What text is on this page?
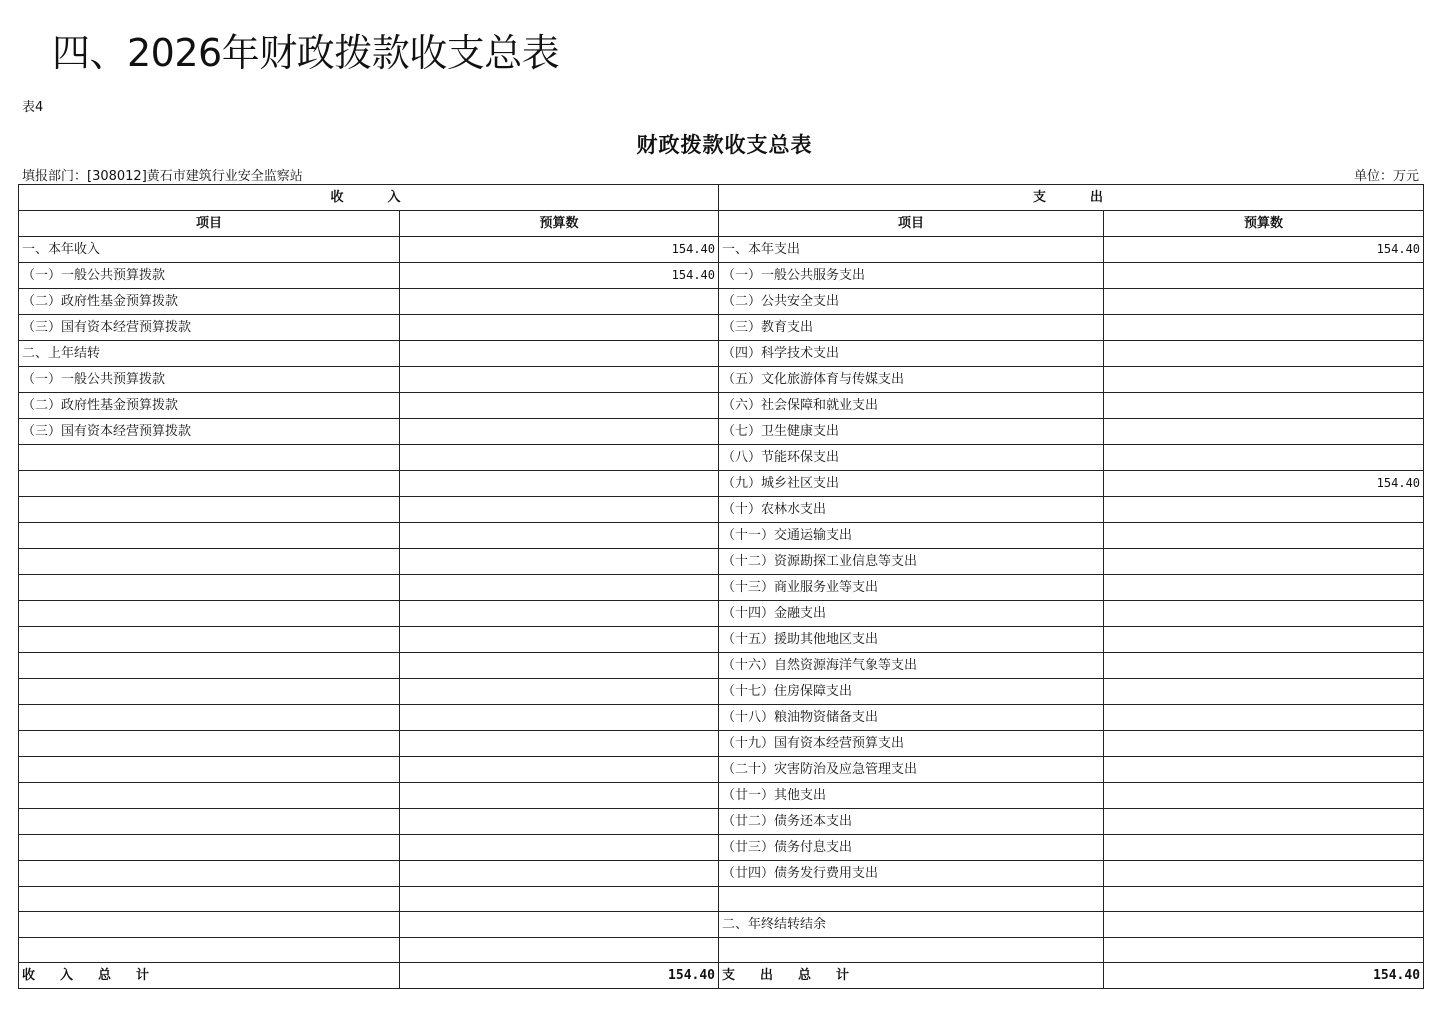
四、2026年财政拨款收支总表
表4
财政拨款收支总表
填报部门：[308012]黄石市建筑行业安全监察站	单位：万元
收　　入		支　　出	
项目	预算数	项目	预算数
一、本年收入	154.40	一、本年支出	154.40
（一）一般公共预算拨款	154.40	（一）一般公共服务支出	
（二）政府性基金预算拨款		（二）公共安全支出	
（三）国有资本经营预算拨款		（三）教育支出	
二、上年结转		（四）科学技术支出	
（一）一般公共预算拨款		（五）文化旅游体育与传媒支出	
（二）政府性基金预算拨款		（六）社会保障和就业支出	
（三）国有资本经营预算拨款		（七）卫生健康支出	
		（八）节能环保支出	
		（九）城乡社区支出	154.40
		（十）农林水支出	
		（十一）交通运输支出	
		（十二）资源勘探工业信息等支出	
		（十三）商业服务业等支出	
		（十四）金融支出	
		（十五）援助其他地区支出	
		（十六）自然资源海洋气象等支出	
		（十七）住房保障支出	
		（十八）粮油物资储备支出	
		（十九）国有资本经营预算支出	
		（二十）灾害防治及应急管理支出	
		（廿一）其他支出	
		（廿二）债务还本支出	
		（廿三）债务付息支出	
		（廿四）债务发行费用支出	

		二、年终结转结余	

收　入　总　计	154.40	支　出　总　计	154.40
